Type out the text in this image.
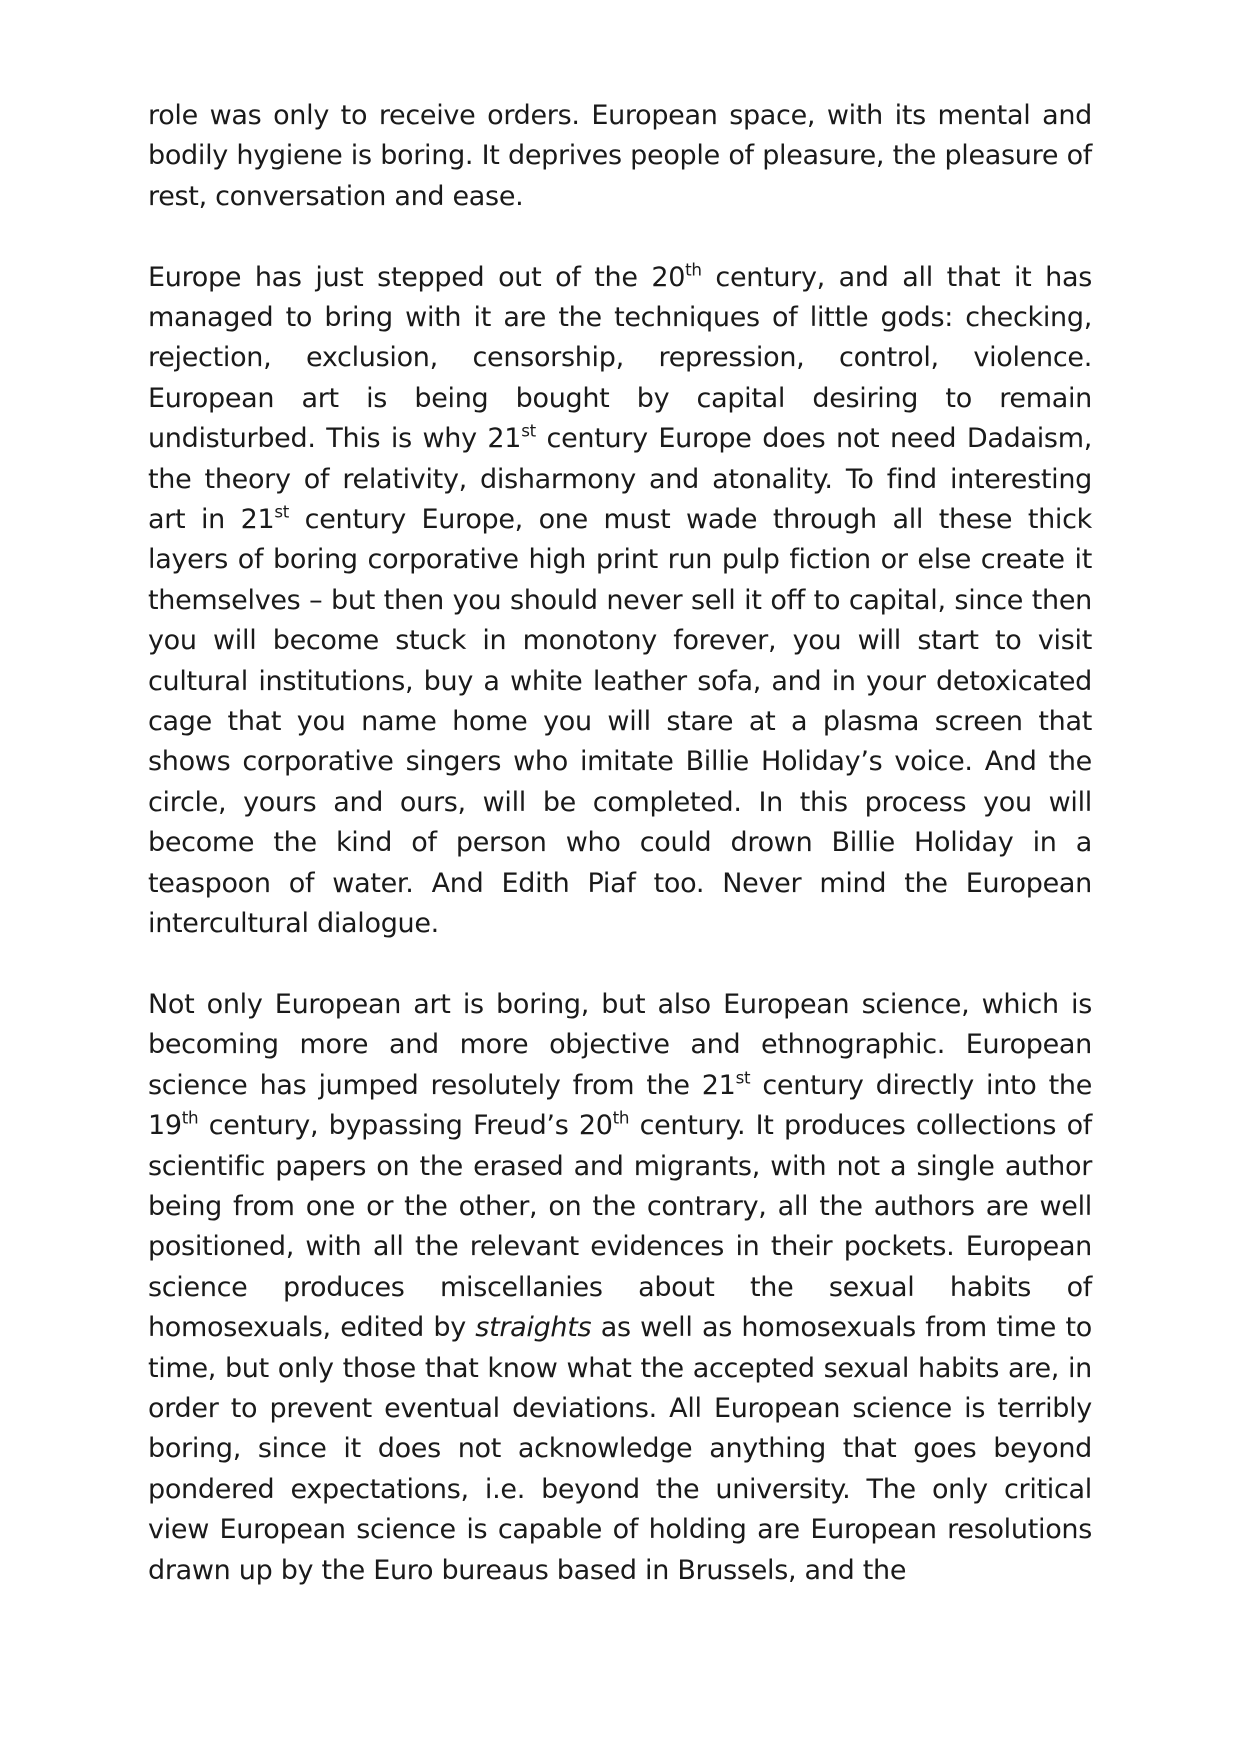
role was only to receive orders. European space, with its mental and bodily hygiene is boring. It deprives people of pleasure, the pleasure of rest, conversation and ease.

Europe has just stepped out of the 20th century, and all that it has managed to bring with it are the techniques of little gods: checking, rejection, exclusion, censorship, repression, control, violence. European art is being bought by capital desiring to remain undisturbed. This is why 21st century Europe does not need Dadaism, the theory of relativity, disharmony and atonality. To find interesting art in 21st century Europe, one must wade through all these thick layers of boring corporative high print run pulp fiction or else create it themselves – but then you should never sell it off to capital, since then you will become stuck in monotony forever, you will start to visit cultural institutions, buy a white leather sofa, and in your detoxicated cage that you name home you will stare at a plasma screen that shows corporative singers who imitate Billie Holiday’s voice. And the circle, yours and ours, will be completed. In this process you will become the kind of person who could drown Billie Holiday in a teaspoon of water. And Edith Piaf too. Never mind the European intercultural dialogue.

Not only European art is boring, but also European science, which is becoming more and more objective and ethnographic. European science has jumped resolutely from the 21st century directly into the 19th century, bypassing Freud’s 20th century. It produces collections of scientific papers on the erased and migrants, with not a single author being from one or the other, on the contrary, all the authors are well positioned, with all the relevant evidences in their pockets. European science produces miscellanies about the sexual habits of homosexuals, edited by straights as well as homosexuals from time to time, but only those that know what the accepted sexual habits are, in order to prevent eventual deviations. All European science is terribly boring, since it does not acknowledge anything that goes beyond pondered expectations, i.e. beyond the university. The only critical view European science is capable of holding are European resolutions drawn up by the Euro bureaus based in Brussels, and the
